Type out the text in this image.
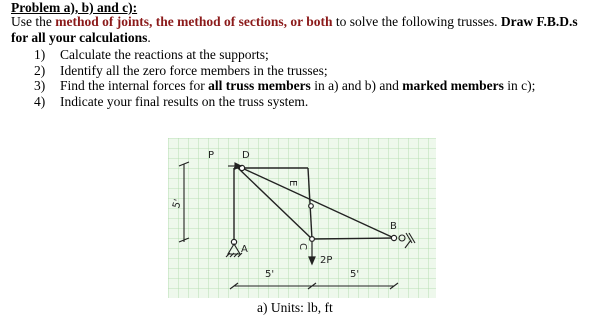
Problem a), b) and c):
Use the method of joints, the method of sections, or both to solve the following trusses. Draw F.B.D.s for all your calculations.
1) Calculate the reactions at the supports;
2) Identify all the zero force members in the trusses;
3) Find the internal forces for all truss members in a) and b) and marked members in c);
4) Indicate your final results on the truss system.
P	D
E
B
A	C
2P
5'
5'	5'
a) Units: lb, ft
